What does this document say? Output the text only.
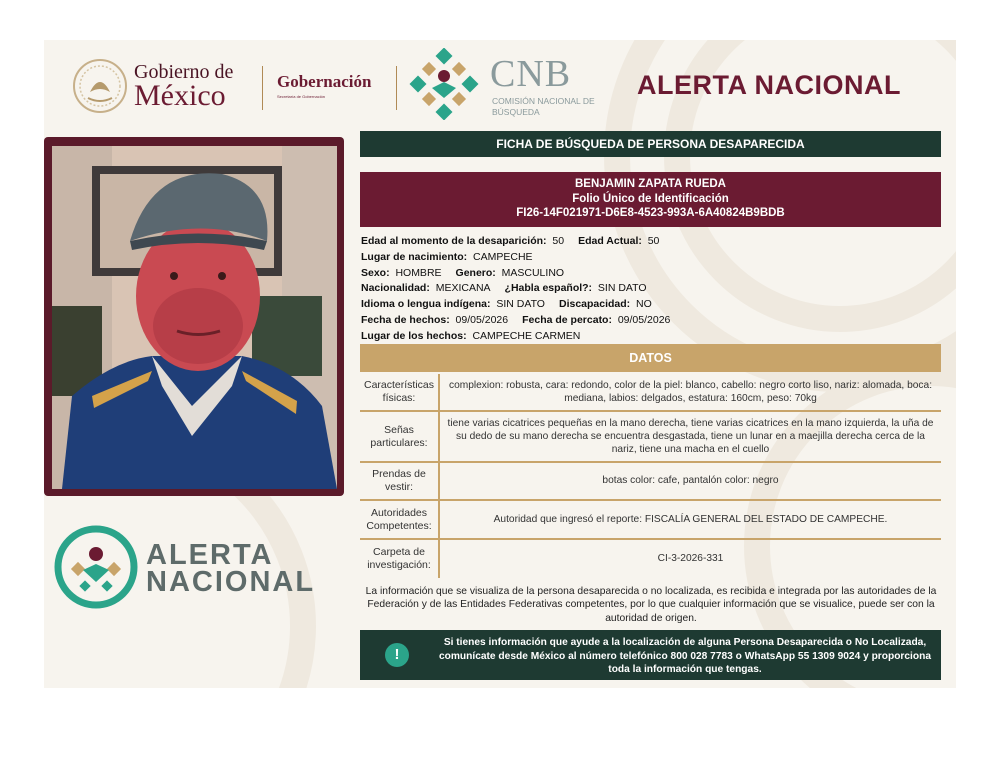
Gobierno de
México	Gobernación
Secretaría de Gobernación
CNB
COMISIÓN NACIONAL DE BÚSQUEDA
ALERTA NACIONAL
ALERTA
NACIONAL
FICHA DE BÚSQUEDA DE PERSONA DESAPARECIDA
BENJAMIN ZAPATA RUEDA
Folio Único de Identificación
FI26-14F021971-D6E8-4523-993A-6A40824B9BDB
Edad al momento de la desaparición: 50 Edad Actual: 50
Lugar de nacimiento: CAMPECHE
Sexo: HOMBRE Genero: MASCULINO
Nacionalidad: MEXICANA ¿Habla español?: SIN DATO
Idioma o lengua indígena: SIN DATO Discapacidad: NO
Fecha de hechos: 09/05/2026 Fecha de percato: 09/05/2026
Lugar de los hechos: CAMPECHE CARMEN
DATOS
Características físicas:
complexion: robusta, cara: redondo, color de la piel: blanco, cabello: negro corto liso, nariz: alomada, boca: mediana, labios: delgados, estatura: 160cm, peso: 70kg
Señas particulares:
tiene varias cicatrices pequeñas en la mano derecha, tiene varias cicatrices en la mano izquierda, la uña de su dedo de su mano derecha se encuentra desgastada, tiene un lunar en a maejilla derecha cerca de la nariz, tiene una macha en el cuello
Prendas de vestir:
botas color: cafe, pantalón color: negro
Autoridades Competentes:
Autoridad que ingresó el reporte: FISCALÍA GENERAL DEL ESTADO DE CAMPECHE.
Carpeta de investigación:
CI-3-2026-331
La información que se visualiza de la persona desaparecida o no localizada, es recibida e integrada por las autoridades de la Federación y de las Entidades Federativas competentes, por lo que cualquier información que se visualice, puede ser con la autoridad de origen.
!
Si tienes información que ayude a la localización de alguna Persona Desaparecida o No Localizada, comunícate desde México al número telefónico 800 028 7783 o WhatsApp 55 1309 9024 y proporciona toda la información que tengas.
